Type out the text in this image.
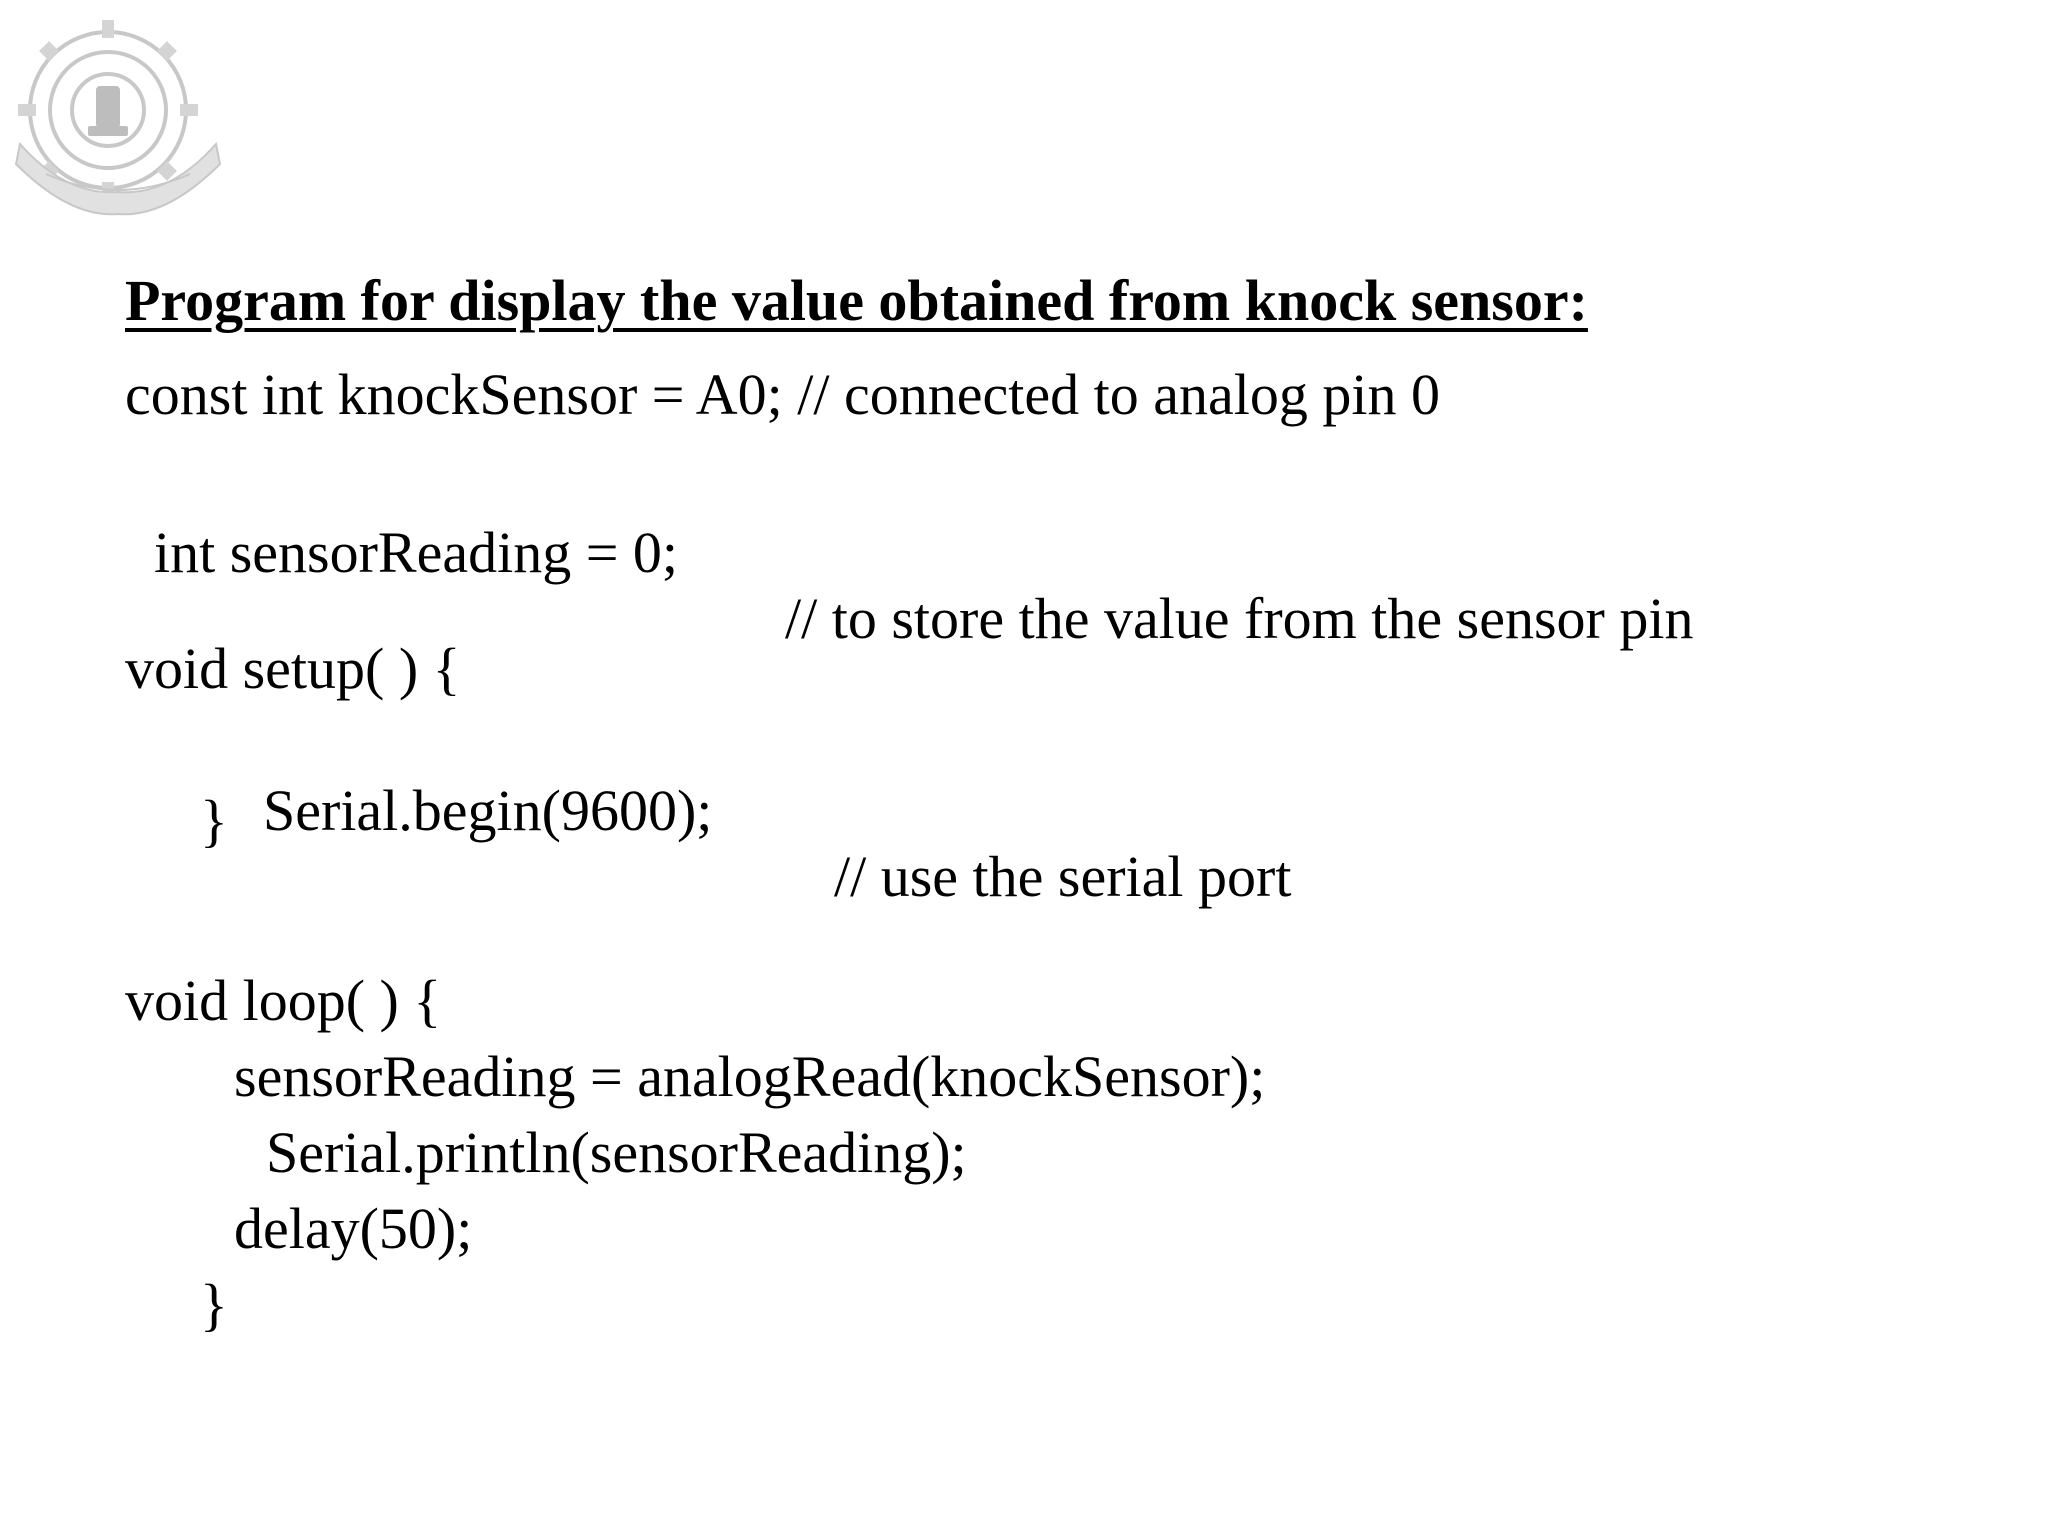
Program for display the value obtained from knock sensor:
const int knockSensor = A0; // connected to analog pin 0

int sensorReading = 0;

// to store the value from the sensor pin

void setup( ) {

Serial.begin(9600);

// use the serial port

}
void loop( ) {
sensorReading = analogRead(knockSensor);
Serial.println(sensorReading);
delay(50);
}
